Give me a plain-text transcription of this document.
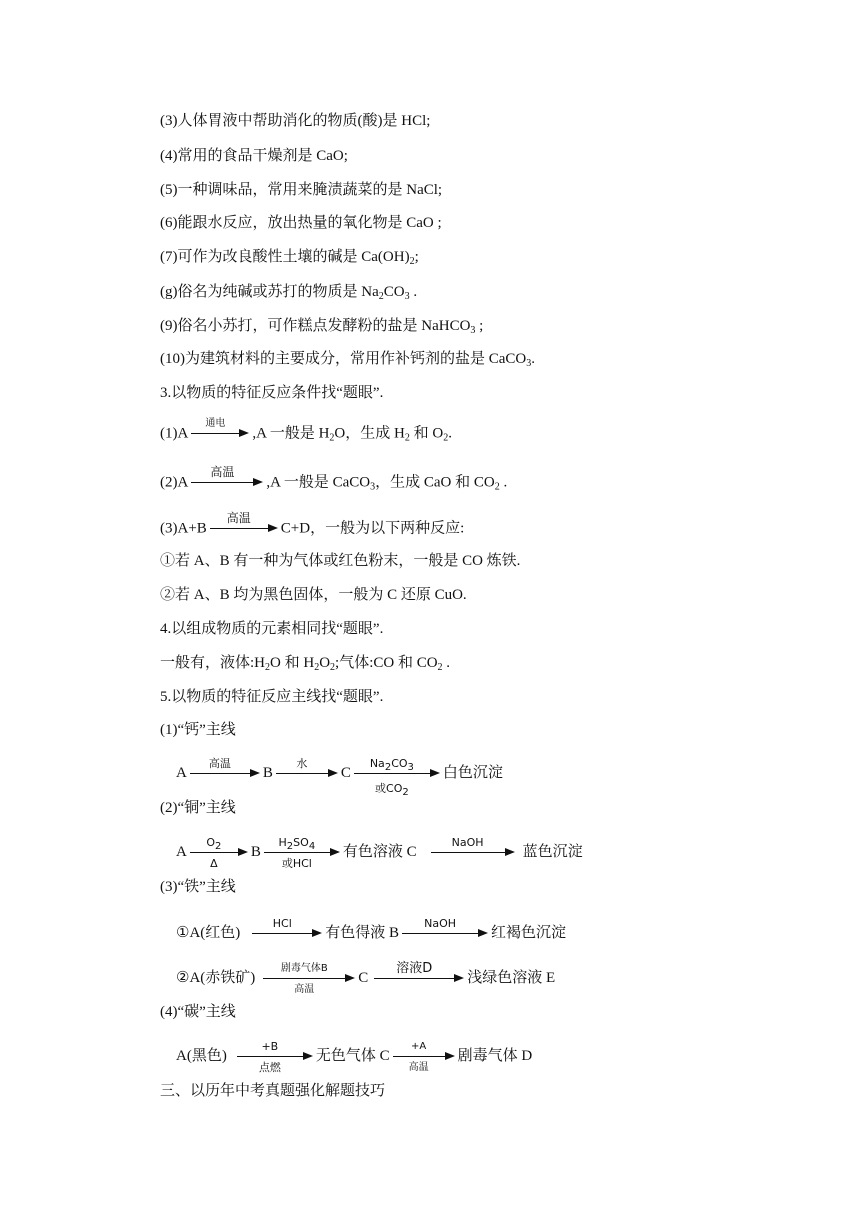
(3)人体胃液中帮助消化的物质(酸)是 HCl;
(4)常用的食品干燥剂是 CaO;
(5)一种调味品，常用来腌渍蔬菜的是 NaCl;
(6)能跟水反应，放出热量的氧化物是 CaO ;
(7)可作为改良酸性土壤的碱是 $Ca(OH)_2$;
(g)俗名为纯碱或苏打的物质是 $Na_2CO_3$ .
(9)俗名小苏打，可作糕点发酵粉的盐是 NaHCO$_3$ ;
(10)为建筑材料的主要成分，常用作补钙剂的盐是 CaCO$_3$.
3.以物质的特征反应条件找“题眼”.
(1)A
通电
,A 一般是 $H_2O$，生成 $H_2$ 和 $O_2$.
(2)A
高温
,A 一般是 CaCO$_3$，生成 CaO 和 $CO_2$ .
(3)A+B
高温
C+D，一般为以下两种反应:
①若 A、B 有一种为气体或红色粉末，一般是 CO 炼铁.
②若 A、B 均为黑色固体，一般为 C 还原 CuO.
4.以组成物质的元素相同找“题眼”.
一般有，液体$:H_2O$ 和 $H_2O_2$;气体:CO 和 $CO_2$ .
5.以物质的特征反应主线找“题眼”.
(1)“钙”主线
A
高温
B
水
C
$Na_2CO_3$
或$CO_2$
白色沉淀
(2)“铜”主线
A $\frac{O_2}{\Delta}$ B
$H_2SO_4$
或HCl
有色溶液 C
NaOH
蓝色沉淀
(3)“铁”主线
①A(红色)
HCl
有色得液 B
NaOH
红褐色沉淀
②A(赤铁矿)
剧毒气体B
高温
C
溶液D
浅绿色溶液 E
(4)“碳”主线
A(黑色)
+B
点燃
无色气体 C
+A
高温
剧毒气体 D
三、以历年中考真题强化解题技巧
